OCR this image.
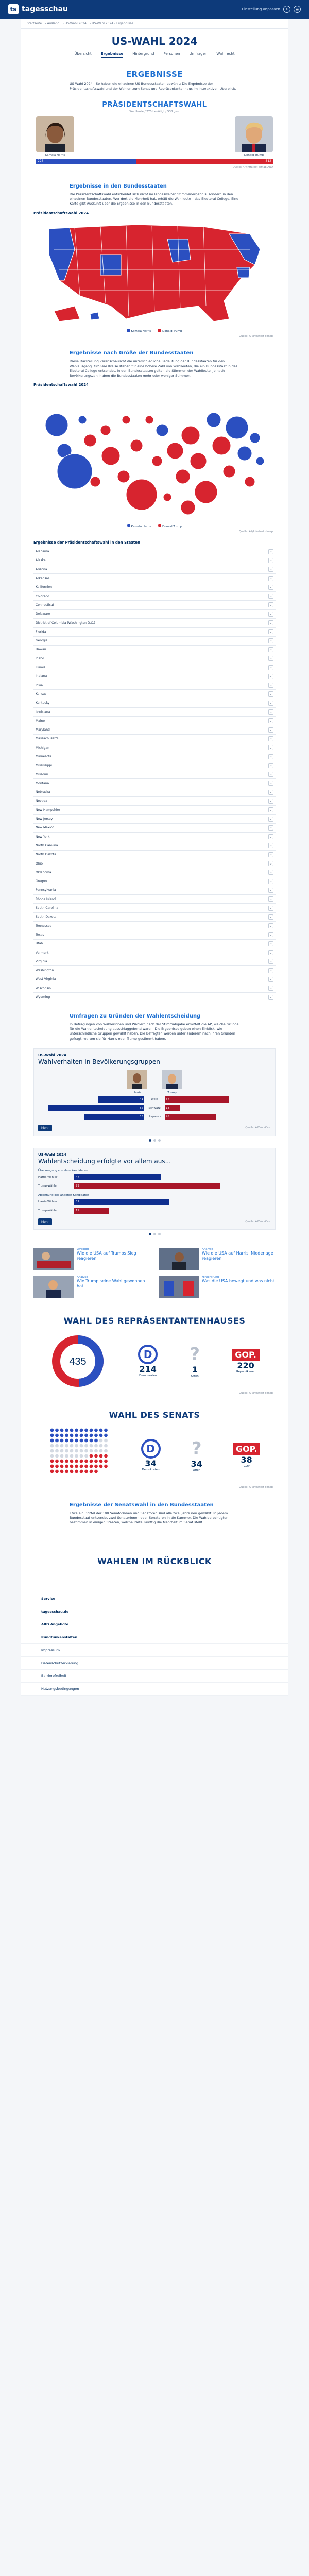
ts tagesschau	Einstellung anpassen	⌕	≡
Startseite › Ausland › US-Wahl 2024 › US-Wahl 2024 - Ergebnisse
US-WAHL 2024
Übersicht	Ergebnisse	Hintergrund	Personen	Umfragen	Wahlrecht
ERGEBNISSE

US-Wahl 2024 - So haben die einzelnen US-Bundesstaaten gewählt: Die Ergebnisse der Präsidentschaftswahl und der Wahlen zum Senat und Repräsentantenhaus im interaktiven Überblick.

PRÄSIDENTSCHAFTSWAHL
Wahlleute / 270 benötigt / 538 ges.
Kamala Harris	Donald Trump
226	312
Quelle: AP/Infratest dimap/ARD
Ergebnisse in den Bundesstaaten

Die Präsidentschaftswahl entscheidet sich nicht im landesweiten Stimmenergebnis, sondern in den einzelnen Bundesstaaten. Wer dort die Mehrheit hat, erhält die Wahlleute – das Electoral College. Eine Karte gibt Auskunft über die Ergebnisse in den Bundesstaaten.

Präsidentschaftswahl 2024
Kamala Harris	Donald Trump
Quelle: AP/Infratest dimap
Ergebnisse nach Größe der Bundesstaaten

Diese Darstellung veranschaulicht die unterschiedliche Bedeutung der Bundesstaaten für den Wahlausgang. Größere Kreise stehen für eine höhere Zahl von Wahlleuten, die ein Bundesstaat in das Electoral College entsendet. In den Bundesstaaten gelten die Stimmen der Wahlleute. Je nach Bevölkerungszahl haben die Bundesstaaten mehr oder weniger Stimmen.

Präsidentschaftswahl 2024
Kamala Harris	Donald Trump
Quelle: AP/Infratest dimap
Ergebnisse der Präsidentschaftswahl in den Staaten
Alabama	⌄
Alaska	⌄
Arizona	⌄
Arkansas	⌄
Kalifornien	⌄
Colorado	⌄
Connecticut	⌄
Delaware	⌄
District of Columbia (Washington D.C.)	⌄
Florida	⌄
Georgia	⌄
Hawaii	⌄
Idaho	⌄
Illinois	⌄
Indiana	⌄
Iowa	⌄
Kansas	⌄
Kentucky	⌄
Louisiana	⌄
Maine	⌄
Maryland	⌄
Massachusetts	⌄
Michigan	⌄
Minnesota	⌄
Mississippi	⌄
Missouri	⌄
Montana	⌄
Nebraska	⌄
Nevada	⌄
New Hampshire	⌄
New Jersey	⌄
New Mexico	⌄
New York	⌄
North Carolina	⌄
North Dakota	⌄
Ohio	⌄
Oklahoma	⌄
Oregon	⌄
Pennsylvania	⌄
Rhode Island	⌄
South Carolina	⌄
South Dakota	⌄
Tennessee	⌄
Texas	⌄
Utah	⌄
Vermont	⌄
Virginia	⌄
Washington	⌄
West Virginia	⌄
Wisconsin	⌄
Wyoming	⌄
Umfragen zu Gründen der Wahlentscheidung

In Befragungen von Wählerinnen und Wählern nach der Stimmabgabe ermittelt die AP, welche Gründe für die Wahlentscheidung ausschlaggebend waren. Die Ergebnisse geben einen Einblick, wie unterschiedliche Gruppen gewählt haben. Die Befragten werden unter anderem nach ihren Gründen gefragt, warum sie für Harris oder Trump gestimmt haben.

US-Wahl 2024
Wahlverhalten in Bevölkerungsgruppen
Harris	Trump
41	Weiß	57
85	Schwarz	13
53	Hispanics	45
Mehr	Quelle: AP/VoteCast
US-Wahl 2024
Wahlentscheidung erfolgte vor allem aus...
Überzeugung von dem Kandidaten
Harris-Wähler	47
Trump-Wähler	79
Ablehnung des anderen Kandidaten
Harris-Wähler	51
Trump-Wähler	19
Mehr	Quelle: AP/VoteCast
Liveblog
Wie die USA auf Trumps Sieg reagieren
Analyse
Wie die USA auf Harris' Niederlage reagieren
Analyse
Wie Trump seine Wahl gewonnen hat
Hintergrund
Was die USA bewegt und was nicht
WAHL DES REPRÄSENTANTENHAUSES
435
D
214
Demokraten
?
1
Offen
GOP.
220
Republikaner
Quelle: AP/Infratest dimap
WAHL DES SENATS
D
34
Demokraten
?
34
Offen
GOP.
38
GOP
Quelle: AP/Infratest dimap
Ergebnisse der Senatswahl in den Bundesstaaten

Etwa ein Drittel der 100 Senatorinnen und Senatoren sind alle zwei Jahre neu gewählt. In jedem Bundesstaat entsendet zwei Senatorinnen oder Senatoren in die Kammer. Die Wahlberechtigten bestimmen in einigen Staaten, welche Partei künftig die Mehrheit im Senat stellt.

WAHLEN IM RÜCKBLICK
Service
tagesschau.de
ARD Angebote
Rundfunkanstalten
Impressum
Datenschutzerklärung
Barrierefreiheit
Nutzungsbedingungen
